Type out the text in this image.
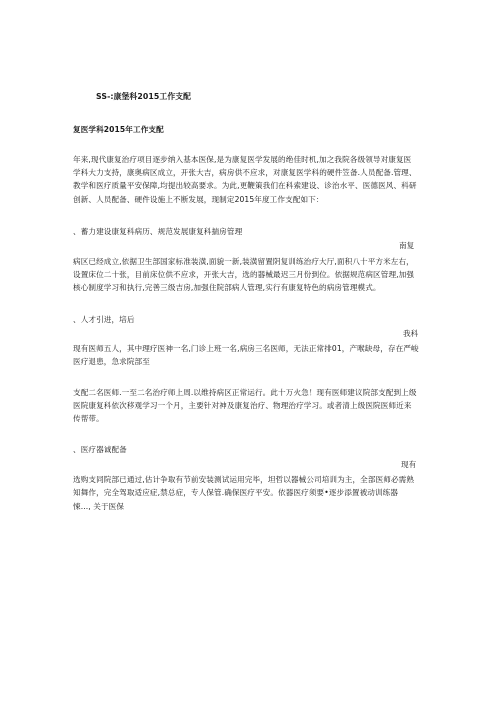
SS-:康堡科2015工作支配
复医学科2015年工作支配
年来,现代康复治疗项目逐步纳入基本医保,是为康复医学发展的绝佳时机,加之我院各级领导对康复医
学科大力支持，康奥病区成立，开张大吉，病房供不应求，对康复医学科的硬件笠备.人员配备.管理、
教学和医疗质量平安保障,均提出较高要求。为此,更鞭策我们在科索建设、诊治水平、医德医风、科研
创新、人员配备、硬件设施上不断发展，现制定2015年度工作支配如下：
、蓄力建设康复科病历、规范发展康复科揣房管理
南复
病区已经成立,依据卫生部国家标准装潢,面貌一新,装潢留置阴复训练治疗大厅,面积八十平方米左右，
设置床位二十张，目前床位供不应求，开张大吉，选的器械最迟三月份到位。依据规范病区管理,加强
核心制度学习和执行,完善三级吉房,加强住院部病人管理,实行有康复特色的病房管理模式。
、人才引进，培后
我科
现有医师五人，其中理疗医神一名,门诊上班一名,病房三名医师，无法正常排01，产喉缺母，存在严峻
医疗退患，急求院部至
支配二名医师.一至二名治疗师上周.以维持病区正常运行。此十万火急！现有医师建议院部支配到上级
医院康复科依次移观学习一个月，主要针对神及康复治疗、物理治疗学习。或者清上级医院医师近来
传帮带。
、医疗器诚配备
现有
选购支同院部已通过,估计争取有节前安装测试运用完毕，坦哲以器械公司培训为主，全部医师必需熟
知舞作，完全驾取适应症,禁总症，专人保管.确保医疗平安。依器医疗须要•逐步添置被动训练器
悚..., 关于医保
